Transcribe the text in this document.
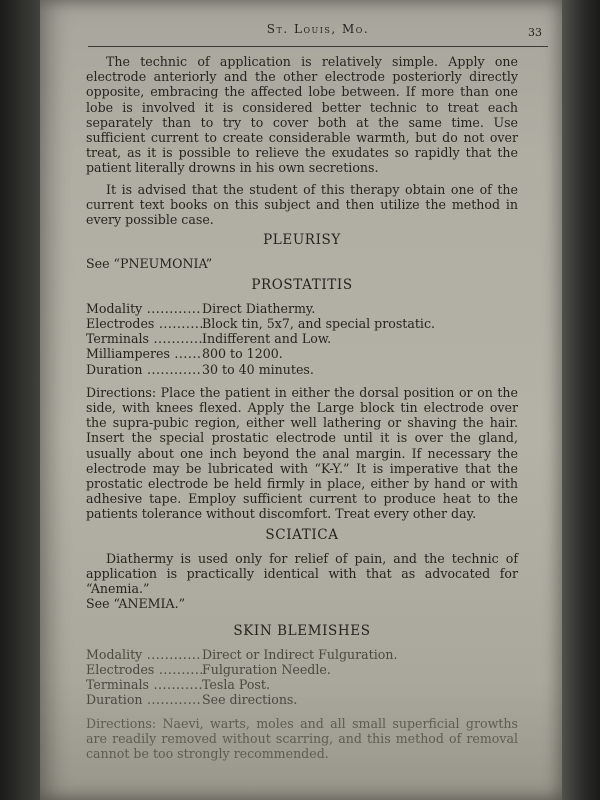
St. Louis, Mo.	33

The technic of application is relatively simple. Apply one electrode anteriorly and the other electrode posteriorly directly opposite, embracing the affected lobe between. If more than one lobe is involved it is considered better technic to treat each separately than to try to cover both at the same time. Use sufficient current to create considerable warmth, but do not over treat, as it is possible to relieve the exudates so rapidly that the patient literally drowns in his own secretions.

It is advised that the student of this therapy obtain one of the current text books on this subject and then utilize the method in every possible case.

PLEURISY
See “PNEUMONIA”
PROSTATITIS
Modality .....	Direct Diathermy.
Electrodes .....	Block tin, 5x7, and special prostatic.
Terminals .....	Indifferent and Low.
Milliamperes .....	800 to 1200.
Duration .....	30 to 40 minutes.

Directions: Place the patient in either the dorsal position or on the side, with knees flexed. Apply the Large block tin electrode over the supra-pubic region, either well lathering or shaving the hair. Insert the special prostatic electrode until it is over the gland, usually about one inch beyond the anal margin. If necessary the electrode may be lubricated with “K-Y.” It is imperative that the prostatic electrode be held firmly in place, either by hand or with adhesive tape. Employ sufficient current to produce heat to the patients tolerance without discomfort. Treat every other day.

SCIATICA

Diathermy is used only for relief of pain, and the technic of application is practically identical with that as advocated for “Anemia.”

See “ANEMIA.”
SKIN BLEMISHES
Modality .....	Direct or Indirect Fulguration.
Electrodes .....	Fulguration Needle.
Terminals .....	Tesla Post.
Duration .....	See directions.

Directions: Naevi, warts, moles and all small superficial growths are readily removed without scarring, and this method of removal cannot be too strongly recommended.
